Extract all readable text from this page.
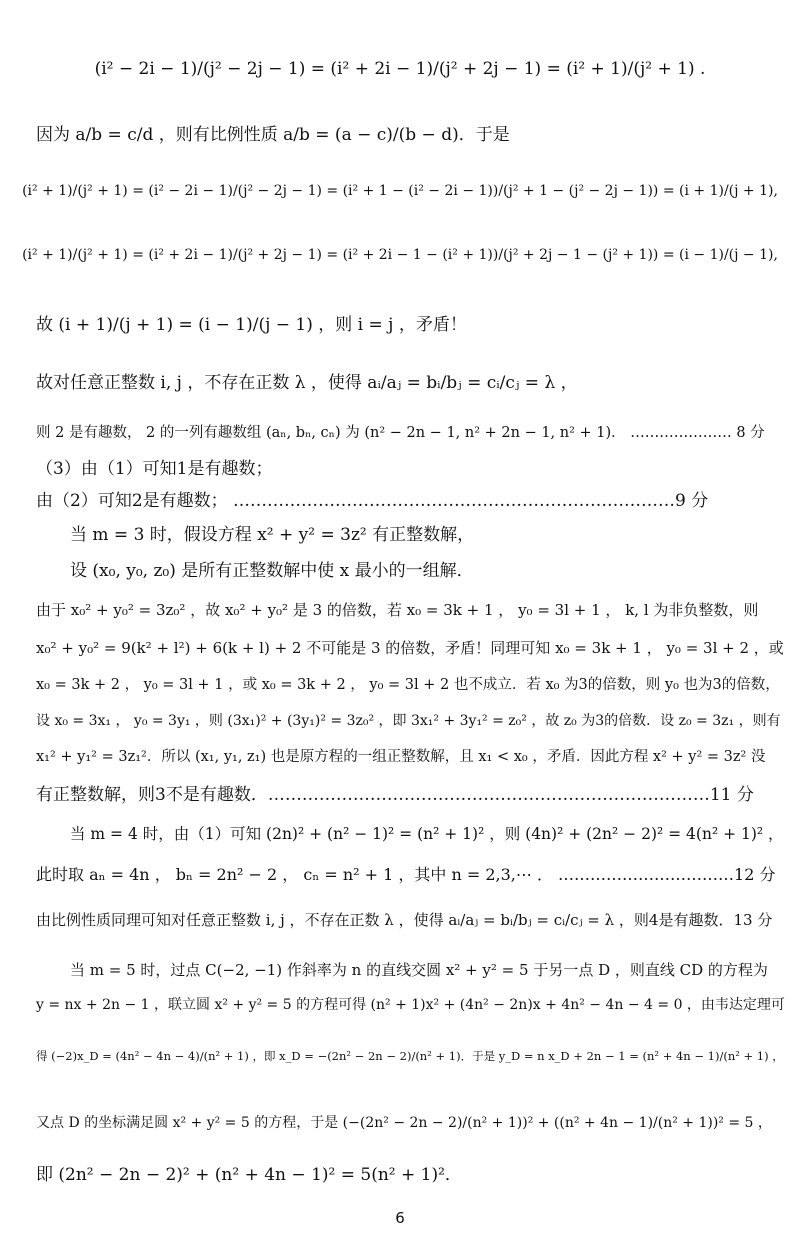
(i² − 2i − 1)/(j² − 2j − 1) = (i² + 2i − 1)/(j² + 2j − 1) = (i² + 1)/(j² + 1) .
因为 a/b = c/d ，则有比例性质 a/b = (a − c)/(b − d)．于是
(i² + 1)/(j² + 1) = (i² − 2i − 1)/(j² − 2j − 1) = (i² + 1 − (i² − 2i − 1))/(j² + 1 − (j² − 2j − 1)) = (i + 1)/(j + 1),
(i² + 1)/(j² + 1) = (i² + 2i − 1)/(j² + 2j − 1) = (i² + 2i − 1 − (i² + 1))/(j² + 2j − 1 − (j² + 1)) = (i − 1)/(j − 1),
故 (i + 1)/(j + 1) = (i − 1)/(j − 1) ，则 i = j ，矛盾！
故对任意正整数 i, j ，不存在正数 λ ，使得 aᵢ/aⱼ = bᵢ/bⱼ = cᵢ/cⱼ = λ ，
则 2 是有趣数， 2 的一列有趣数组 (aₙ, bₙ, cₙ) 为 (n² − 2n − 1, n² + 2n − 1, n² + 1)． ………………… 8 分
（3）由（1）可知1是有趣数；
由（2）可知2是有趣数； ……………………………………………………………………9 分
当 m = 3 时，假设方程 x² + y² = 3z² 有正整数解，
设 (x₀, y₀, z₀) 是所有正整数解中使 x 最小的一组解．
由于 x₀² + y₀² = 3z₀² ，故 x₀² + y₀² 是 3 的倍数，若 x₀ = 3k + 1 ， y₀ = 3l + 1 ， k, l 为非负整数，则
x₀² + y₀² = 9(k² + l²) + 6(k + l) + 2 不可能是 3 的倍数，矛盾！同理可知 x₀ = 3k + 1 ， y₀ = 3l + 2 ，或
x₀ = 3k + 2 ， y₀ = 3l + 1 ，或 x₀ = 3k + 2 ， y₀ = 3l + 2 也不成立．若 x₀ 为3的倍数，则 y₀ 也为3的倍数，
设 x₀ = 3x₁ ， y₀ = 3y₁ ，则 (3x₁)² + (3y₁)² = 3z₀² ，即 3x₁² + 3y₁² = z₀² ，故 z₀ 为3的倍数．设 z₀ = 3z₁ ，则有
x₁² + y₁² = 3z₁²．所以 (x₁, y₁, z₁) 也是原方程的一组正整数解，且 x₁ < x₀ ，矛盾．因此方程 x² + y² = 3z² 没
有正整数解，则3不是有趣数．……………………………………………………………………11 分
当 m = 4 时，由（1）可知 (2n)² + (n² − 1)² = (n² + 1)² ，则 (4n)² + (2n² − 2)² = 4(n² + 1)² ，
此时取 aₙ = 4n ， bₙ = 2n² − 2 ， cₙ = n² + 1 ，其中 n = 2,3,⋯ ． ……………………………12 分
由比例性质同理可知对任意正整数 i, j ，不存在正数 λ ，使得 aᵢ/aⱼ = bᵢ/bⱼ = cᵢ/cⱼ = λ ，则4是有趣数．13 分
当 m = 5 时，过点 C(−2, −1) 作斜率为 n 的直线交圆 x² + y² = 5 于另一点 D ，则直线 CD 的方程为
y = nx + 2n − 1 ，联立圆 x² + y² = 5 的方程可得 (n² + 1)x² + (4n² − 2n)x + 4n² − 4n − 4 = 0 ，由韦达定理可
得 (−2)x_D = (4n² − 4n − 4)/(n² + 1) ，即 x_D = −(2n² − 2n − 2)/(n² + 1)．于是 y_D = n x_D + 2n − 1 = (n² + 4n − 1)/(n² + 1) ，
又点 D 的坐标满足圆 x² + y² = 5 的方程，于是 (−(2n² − 2n − 2)/(n² + 1))² + ((n² + 4n − 1)/(n² + 1))² = 5 ，
即 (2n² − 2n − 2)² + (n² + 4n − 1)² = 5(n² + 1)²．
6
